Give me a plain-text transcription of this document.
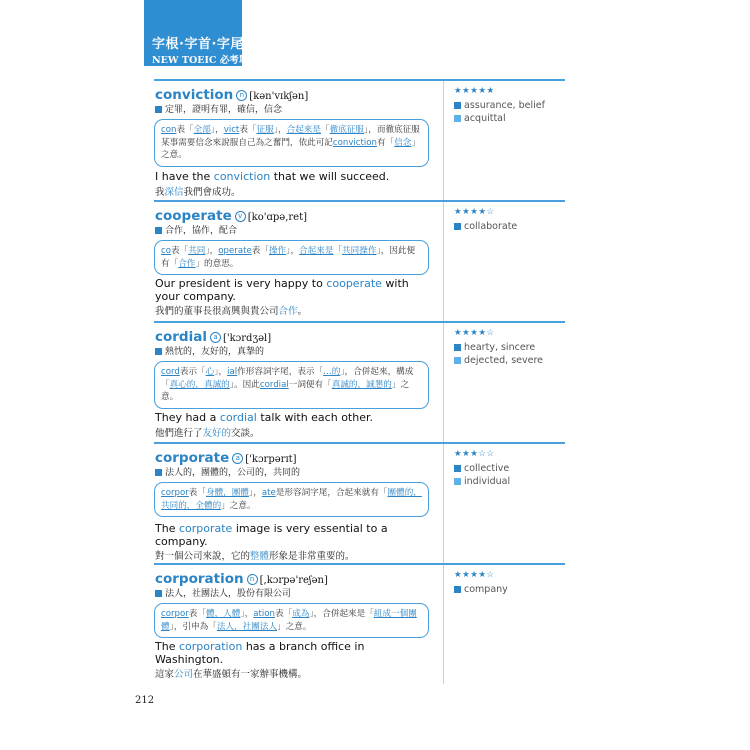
字根·字首·字尾
NEW TOEIC 必考單字
conviction n [kən'vɪkʃən]
定罪，證明有罪，確信，信念
con表「全部」，vict表「征服」，合起來是「徹底征服」，而徹底征服某事需要信念來說服自己為之奮鬥，依此可記conviction有「信念」之意。
I have the conviction that we will succeed.
我深信我們會成功。
★★★★★
assurance, belief
acquittal
cooperate v [ko'ɑpə,ret]
合作，協作，配合
co表「共同」，operate表「操作」，合起來是「共同操作」，因此便有「合作」的意思。
Our president is very happy to cooperate with your company.
我們的董事長很高興與貴公司合作。
★★★★☆
collaborate
cordial a ['kɔrdʒəl]
熱忱的，友好的，真摯的
cord表示「心」，ial作形容詞字尾，表示「…的」，合併起來，構成「真心的，真誠的」。因此cordial一詞便有「真誠的，誠懇的」之意。
They had a cordial talk with each other.
他們進行了友好的交談。
★★★★☆
hearty, sincere
dejected, severe
corporate a ['kɔrpərɪt]
法人的，團體的，公司的，共同的
corpor表「身體，團體」，ate是形容詞字尾，合起來就有「團體的，共同的，全體的」之意。
The corporate image is very essential to a company.
對一個公司來說，它的整體形象是非常重要的。
★★★☆☆
collective
individual
corporation n [,kɔrpə'reʃən]
法人，社團法人，股份有限公司
corpor表「體，人體」，ation表「成為」，合併起來是「組成一個團體」，引申為「法人，社團法人」之意。
The corporation has a branch office in Washington.
這家公司在華盛頓有一家辦事機構。
★★★★☆
company
212
